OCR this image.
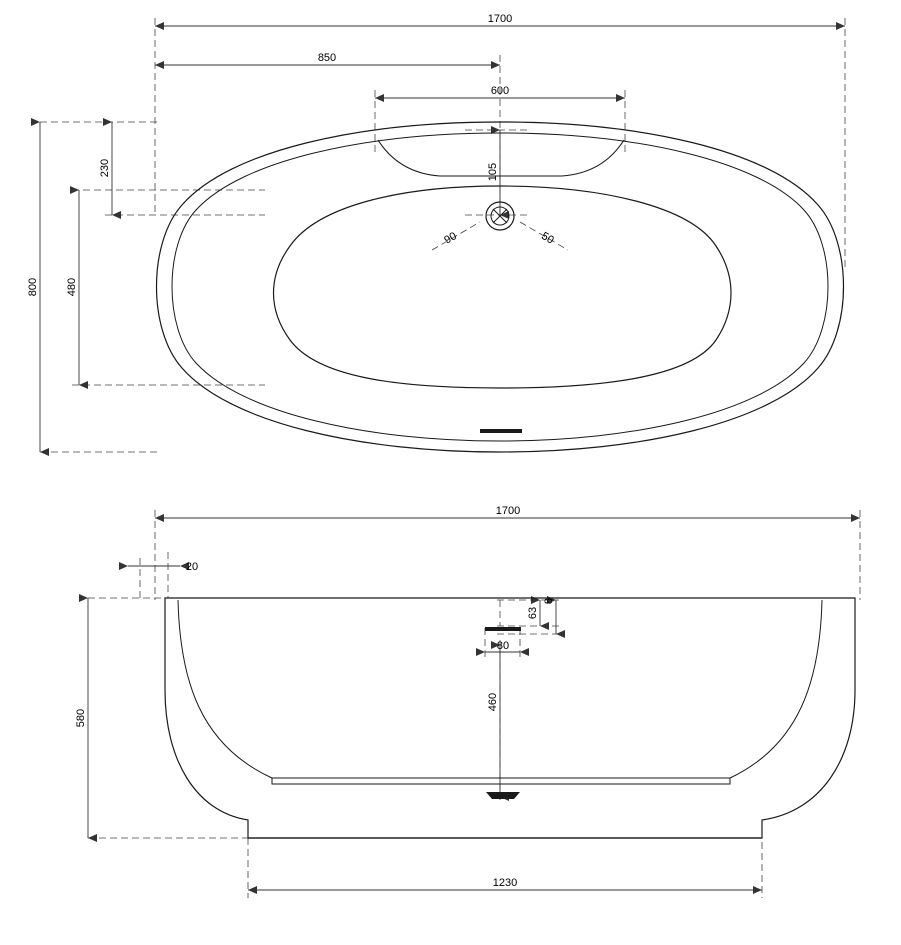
1700
850
600
800 480
230	105
90	50
1700
20
580
460
63
8
80
1230
